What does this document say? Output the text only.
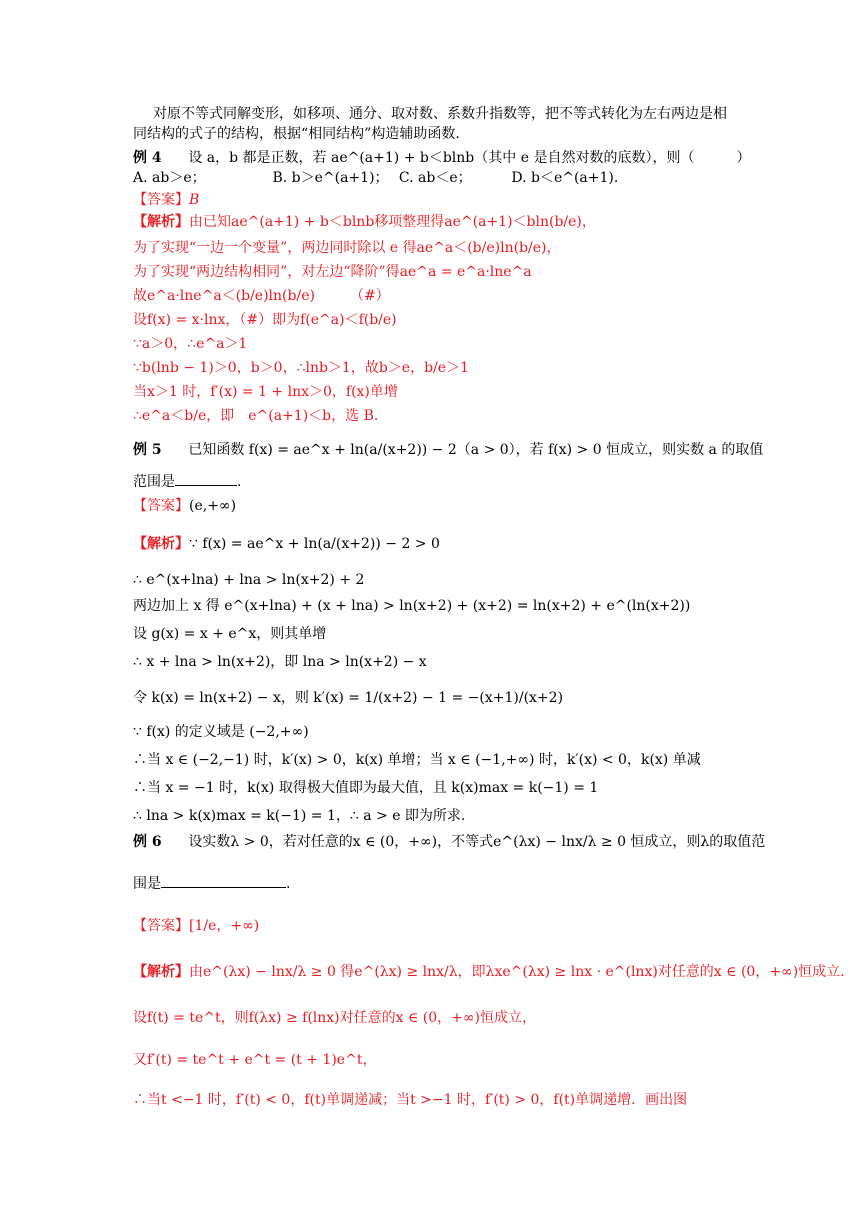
对原不等式同解变形，如移项、通分、取对数、系数升指数等，把不等式转化为左右两边是相同结构的式子的结构，根据“相同结构”构造辅助函数.
例 4 设 a，b 都是正数，若 ae^(a+1) + b＜blnb（其中 e 是自然对数的底数），则（　　　）
A. ab＞e；	B. b＞e^(a+1)； C. ab＜e；	D. b＜e^(a+1).
【答案】B
【解析】由已知ae^(a+1) + b＜blnb移项整理得ae^(a+1)＜bln(b/e)，
为了实现“一边一个变量”，两边同时除以 e 得ae^a＜(b/e)ln(b/e)，
为了实现“两边结构相同”，对左边“降阶”得ae^a = e^a·lne^a
故e^a·lne^a＜(b/e)ln(b/e)　　　（#）
设f(x) = x·lnx，（#）即为f(e^a)＜f(b/e)
∵a＞0，∴e^a＞1
∵b(lnb − 1)＞0，b＞0，∴lnb＞1，故b＞e，b/e＞1
当x＞1 时，f′(x) = 1 + lnx＞0，f(x)单增
∴e^a＜b/e，即　e^(a+1)＜b，选 B.
例 5 已知函数 f(x) = ae^x + ln(a/(x+2)) − 2（a > 0），若 f(x) > 0 恒成立，则实数 a 的取值
范围是	.
【答案】(e,+∞)
【解析】∵ f(x) = ae^x + ln(a/(x+2)) − 2 > 0
∴ e^(x+lna) + lna > ln(x+2) + 2
两边加上 x 得 e^(x+lna) + (x + lna) > ln(x+2) + (x+2) = ln(x+2) + e^(ln(x+2))
设 g(x) = x + e^x，则其单增
∴ x + lna > ln(x+2)，即 lna > ln(x+2) − x
令 k(x) = ln(x+2) − x，则 k′(x) = 1/(x+2) − 1 = −(x+1)/(x+2)
∵ f(x) 的定义域是 (−2,+∞)
∴当 x ∈ (−2,−1) 时，k′(x) > 0，k(x) 单增；当 x ∈ (−1,+∞) 时，k′(x) < 0，k(x) 单减
∴当 x = −1 时，k(x) 取得极大值即为最大值，且 k(x)max = k(−1) = 1
∴ lna > k(x)max = k(−1) = 1，∴ a > e 即为所求.
例 6 设实数λ > 0，若对任意的x ∈ (0，+∞)，不等式e^(λx) − lnx/λ ≥ 0 恒成立，则λ的取值范
围是	.
【答案】[1/e，+∞)
【解析】由e^(λx) − lnx/λ ≥ 0 得e^(λx) ≥ lnx/λ，即λxe^(λx) ≥ lnx · e^(lnx)对任意的x ∈ (0，+∞)恒成立.
设f(t) = te^t，则f(λx) ≥ f(lnx)对任意的x ∈ (0，+∞)恒成立，
又f′(t) = te^t + e^t = (t + 1)e^t，
∴当t <−1 时，f′(t) < 0，f(t)单调递减；当t >−1 时，f′(t) > 0，f(t)单调递增．画出图
